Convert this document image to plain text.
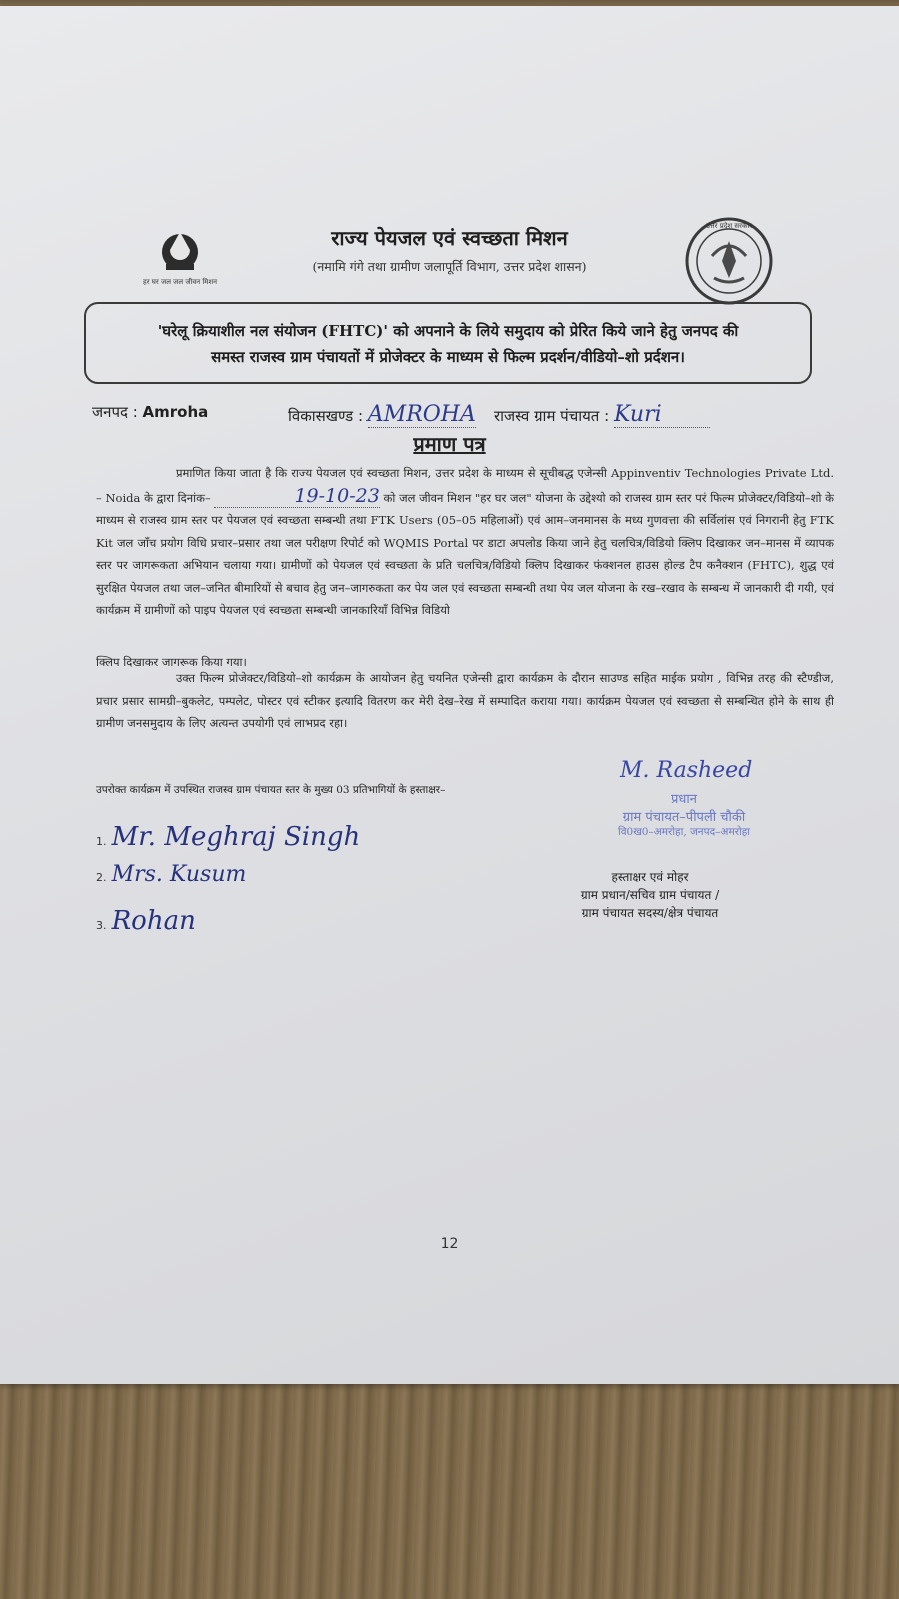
हर घर जल जल जीवन मिशन
राज्य पेयजल एवं स्वच्छता मिशन
(नमामि गंगे तथा ग्रामीण जलापूर्ति विभाग, उत्तर प्रदेश शासन)
उत्तर प्रदेश सरकार
'घरेलू क्रियाशील नल संयोजन (FHTC)' को अपनाने के लिये समुदाय को प्रेरित किये जाने हेतु जनपद की
समस्त राजस्व ग्राम पंचायतों में प्रोजेक्टर के माध्यम से फिल्म प्रदर्शन/वीडियो–शो प्रर्दशन।
जनपद : Amroha	विकासखण्ड : AMROHA राजस्व ग्राम पंचायत : Kuri
प्रमाण पत्र
प्रमाणित किया जाता है कि राज्य पेयजल एवं स्वच्छता मिशन, उत्तर प्रदेश के माध्यम से सूचीबद्ध एजेन्सी Appinventiv Technologies Private Ltd. – Noida के द्वारा दिनांक–	19-10-23 को जल जीवन मिशन "हर घर जल" योजना के उद्देश्यो को राजस्व ग्राम स्तर परं फिल्म प्रोजेक्टर/विडियो–शो के माध्यम से राजस्व ग्राम स्तर पर पेयजल एवं स्वच्छता सम्बन्धी तथा FTK Users (05–05 महिलाओं) एवं आम–जनमानस के मध्य गुणवत्ता की सर्विलांस एवं निगरानी हेतु FTK Kit जल जाँच प्रयोग विधि प्रचार–प्रसार तथा जल परीक्षण रिपोर्ट को WQMIS Portal पर डाटा अपलोड किया जाने हेतु चलचित्र/विडियो क्लिप दिखाकर जन–मानस में व्यापक स्तर पर जागरूकता अभियान चलाया गया। ग्रामीणों को पेयजल एवं स्वच्छता के प्रति चलचित्र/विडियो क्लिप दिखाकर फंक्शनल हाउस होल्ड टैप कनैक्शन (FHTC), शुद्ध एवं सुरक्षित पेयजल तथा जल–जनित बीमारियों से बचाव हेतु जन–जागरुकता कर पेय जल एवं स्वच्छता सम्बन्धी तथा पेय जल योजना के रख–रखाव के सम्बन्ध में जानकारी दी गयी, एवं कार्यक्रम में ग्रामीणों को पाइप पेयजल एवं स्वच्छता सम्बन्धी जानकारियॉं विभिन्न विडियो
क्लिप दिखाकर जागरूक किया गया।
उक्त फिल्म प्रोजेक्टर/विडियो–शो कार्यक्रम के आयोजन हेतु चयनित एजेन्सी द्वारा कार्यक्रम के दौरान साउण्ड सहित माईक प्रयोग , विभिन्न तरह की स्टैण्डीज, प्रचार प्रसार सामग्री–बुकलेट, पम्पलेट, पोस्टर एवं स्टीकर इत्यादि वितरण कर मेरी देख–रेख में सम्पादित कराया गया। कार्यक्रम पेयजल एवं स्वच्छता से सम्बन्धित होने के साथ ही ग्रामीण जनसमुदाय के लिए अत्यन्त उपयोगी एवं लाभप्रद रहा।
उपरोक्त कार्यक्रम में उपस्थित राजस्व ग्राम पंचायत स्तर के मुख्य 03 प्रतिभागियों के हस्ताक्षर–
1. Mr. Meghraj Singh
2. Mrs. Kusum
3. Rohan
M. Rasheed
प्रधान
ग्राम पंचायत–पीपली चौकी
वि0ख0–अमरोहा, जनपद–अमरोहा
हस्ताक्षर एवं मोहर
ग्राम प्रधान/सचिव ग्राम पंचायत /
ग्राम पंचायत सदस्य/क्षेत्र पंचायत
12
